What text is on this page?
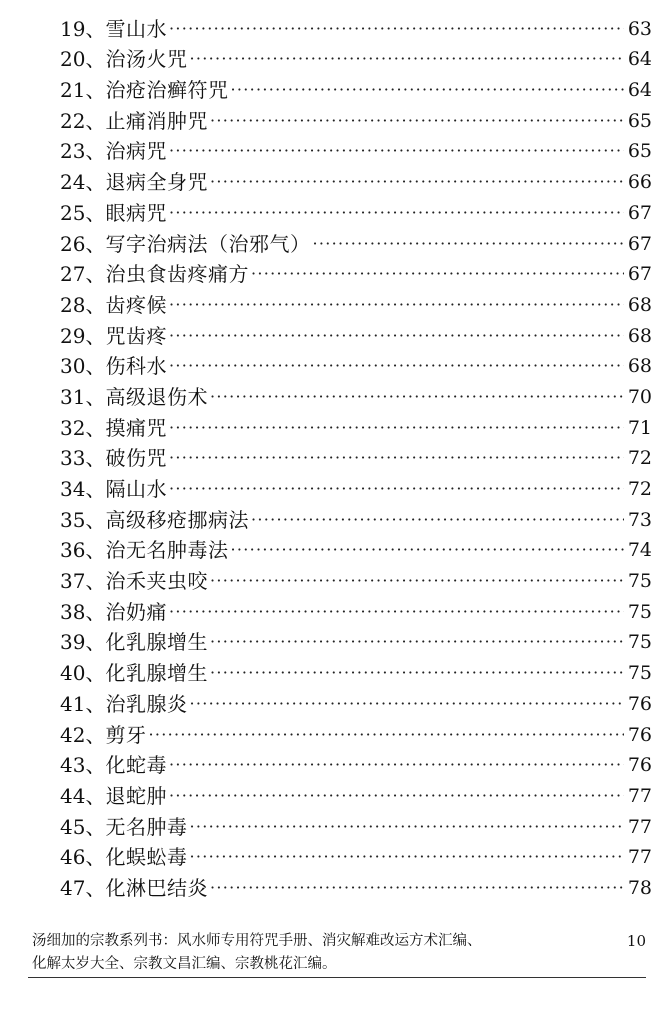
19、 雪山水 ·····	63
20、 治汤火咒 ·····	64
21、 治疮治癣符咒 ·····	64
22、 止痛消肿咒 ·····	65
23、 治病咒 ·····	65
24、 退病全身咒 ·····	66
25、 眼病咒 ·····	67
26、 写字治病法（治邪气） ·····	67
27、 治虫食齿疼痛方 ·····	67
28、 齿疼候 ·····	68
29、 咒齿疼 ·····	68
30、 伤科水 ·····	68
31、 高级退伤术 ·····	70
32、 摸痛咒 ·····	71
33、 破伤咒 ·····	72
34、 隔山水 ·····	72
35、 高级移疮挪病法 ·····	73
36、 治无名肿毒法 ·····	74
37、 治禾夹虫咬 ·····	75
38、 治奶痛 ·····	75
39、 化乳腺增生 ·····	75
40、 化乳腺增生 ·····	75
41、 治乳腺炎 ·····	76
42、 剪牙 ·····	76
43、 化蛇毒 ·····	76
44、 退蛇肿 ·····	77
45、 无名肿毒 ·····	77
46、 化蜈蚣毒 ·····	77
47、 化淋巴结炎 ·····	78
汤细加的宗教系列书：风水师专用符咒手册、消灾解难改运方术汇编、
化解太岁大全、宗教文昌汇编、宗教桃花汇编。
10
